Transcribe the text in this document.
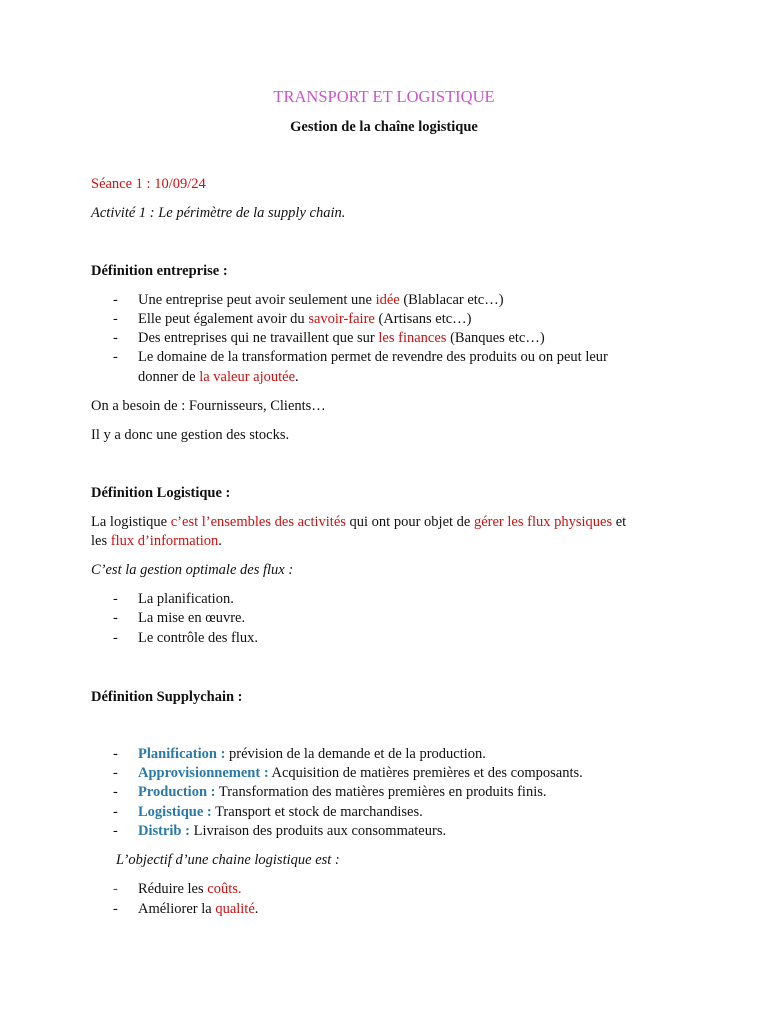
TRANSPORT ET LOGISTIQUE

Gestion de la chaîne logistique

Séance 1 : 10/09/24

Activité 1 : Le périmètre de la supply chain.

Définition entreprise :

- Une entreprise peut avoir seulement une idée (Blablacar etc…)
- Elle peut également avoir du savoir-faire (Artisans etc…)
- Des entreprises qui ne travaillent que sur les finances (Banques etc…)
- Le domaine de la transformation permet de revendre des produits ou on peut leur
donner de la valeur ajoutée.

On a besoin de : Fournisseurs, Clients…

Il y a donc une gestion des stocks.

Définition Logistique :

La logistique c’est l’ensembles des activités qui ont pour objet de gérer les flux physiques et

les flux d’information.

C’est la gestion optimale des flux :

- La planification.
- La mise en œuvre.
- Le contrôle des flux.

Définition Supplychain :

- Planification : prévision de la demande et de la production.
- Approvisionnement : Acquisition de matières premières et des composants.
- Production : Transformation des matières premières en produits finis.
- Logistique : Transport et stock de marchandises.
- Distrib : Livraison des produits aux consommateurs.

L’objectif d’une chaine logistique est :

- Réduire les coûts.
- Améliorer la qualité.
